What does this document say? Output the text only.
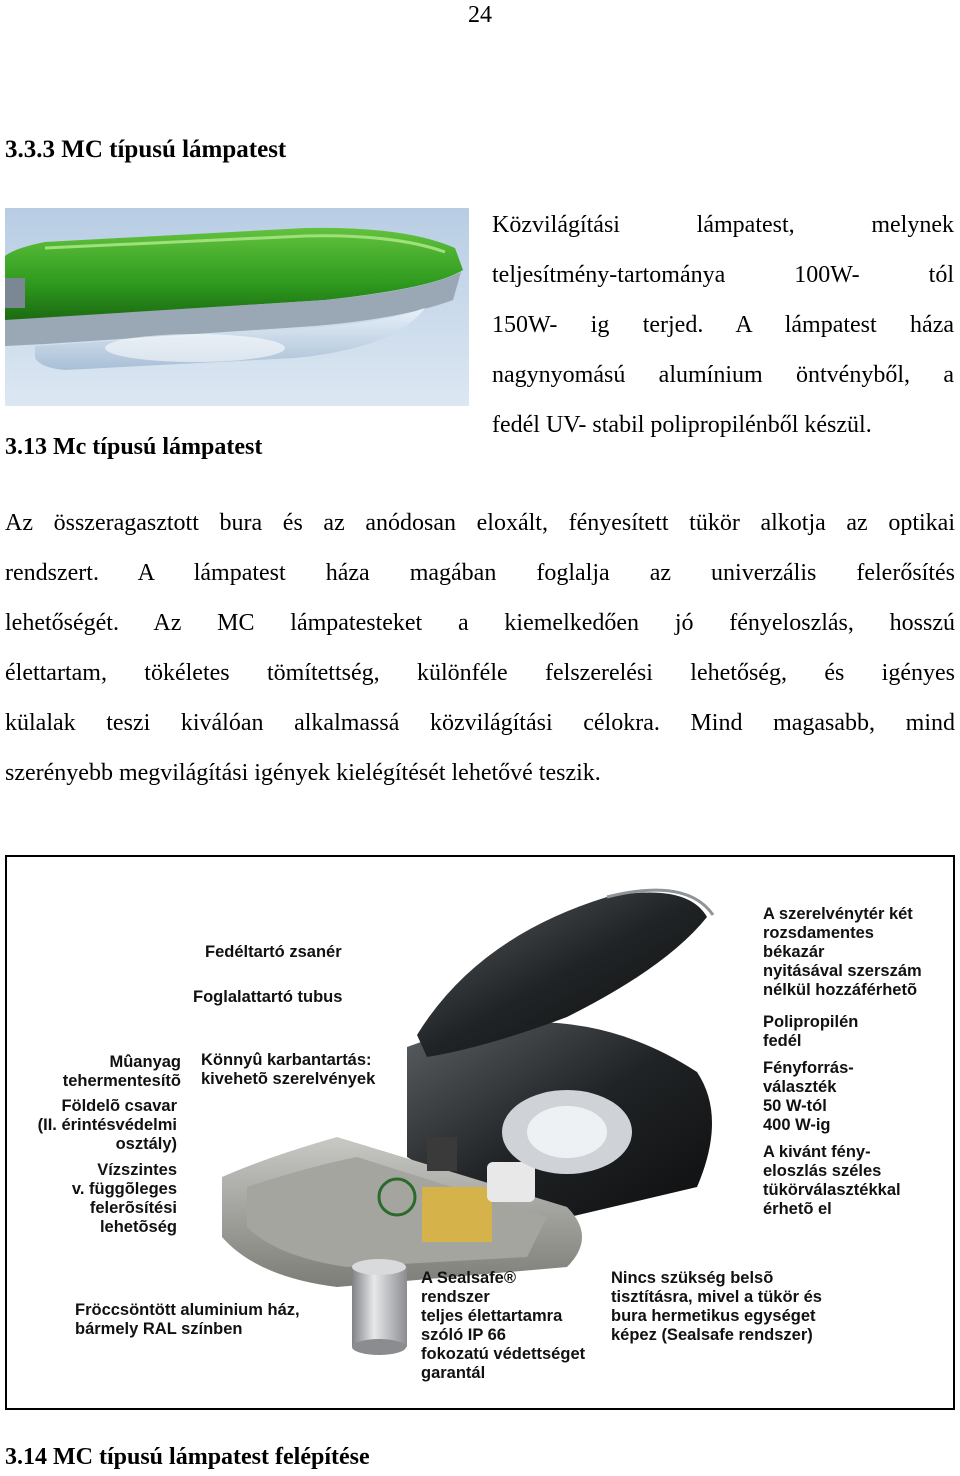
24
3.3.3 MC típusú lámpatest
Közvilágítási lámpatest, melynek
teljesítmény-tartománya 100W- tól
150W- ig terjed. A lámpatest háza
nagynyomású alumínium öntvényből, a
fedél UV- stabil polipropilénből készül.
3.13 Mc típusú lámpatest
Az összeragasztott bura és az anódosan eloxált, fényesített tükör alkotja az optikai
rendszert. A lámpatest háza magában foglalja az univerzális felerősítés
lehetőségét. Az MC lámpatesteket a kiemelkedően jó fényeloszlás, hosszú
élettartam, tökéletes tömítettség, különféle felszerelési lehetőség, és igényes
külalak teszi kiválóan alkalmassá közvilágítási célokra. Mind magasabb, mind
szerényebb megvilágítási igények kielégítését lehetővé teszik.
Fedéltartó zsanér
Foglalattartó tubus
Mûanyag
tehermentesítõ
Könnyû karbantartás:
kivehetõ szerelvények
Földelõ csavar
(II. érintésvédelmi
osztály)
Vízszintes
v. függõleges
felerõsítési
lehetõség
Fröccsöntött aluminium ház,
bármely RAL színben
A szerelvénytér két
rozsdamentes
békazár
nyitásával szerszám
nélkül hozzáférhetõ
Polipropilén
fedél
Fényforrás-
választék
50 W-tól
400 W-ig
A kivánt fény-
eloszlás széles
tükörválasztékkal
érhetõ el
A Sealsafe®
rendszer
teljes élettartamra
szóló IP 66
fokozatú védettséget
garantál
Nincs szükség belsõ
tisztításra, mivel a tükör és
bura hermetikus egységet
képez (Sealsafe rendszer)
3.14 MC típusú lámpatest felépítése
